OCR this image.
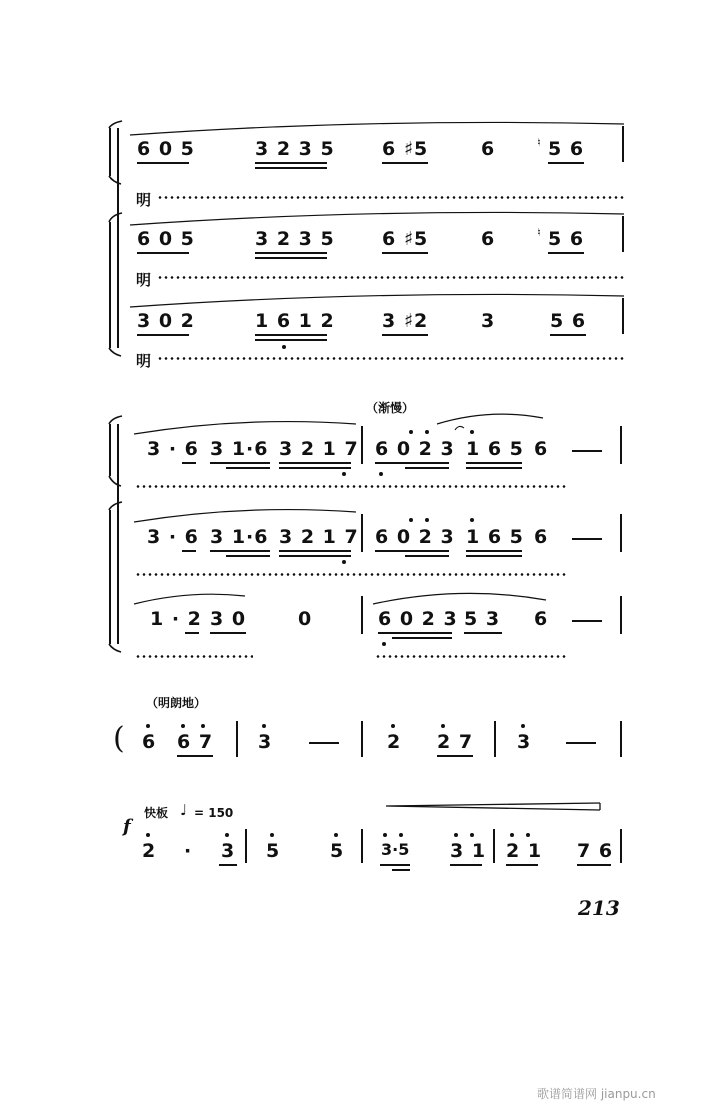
6 0 5	3 2 3 5 6 ♯5	6	♮ 5 6
明
6 0 5	3 2 3 5 6 ♯5	6	♮ 5 6
明
3 0 2	1 6 1 2 3 ♯2	3	5 6
明
（渐慢）
3 · 6 3 1·6 3 2 1 7 6 0 2 3 1 6 5 6
3 · 6 3 1·6 3 2 1 7 6 0 2 3 1 6 5 6
1 · 2 3 0	0	6 0 2 3 5 3 6
（明朗地）
( 6 6 7 3	2 2 7 3
快板 ♩ = 150
f
2 · 3 5	5 3·5 3 1 2 1 7 6
213
歌谱简谱网 jianpu.cn
